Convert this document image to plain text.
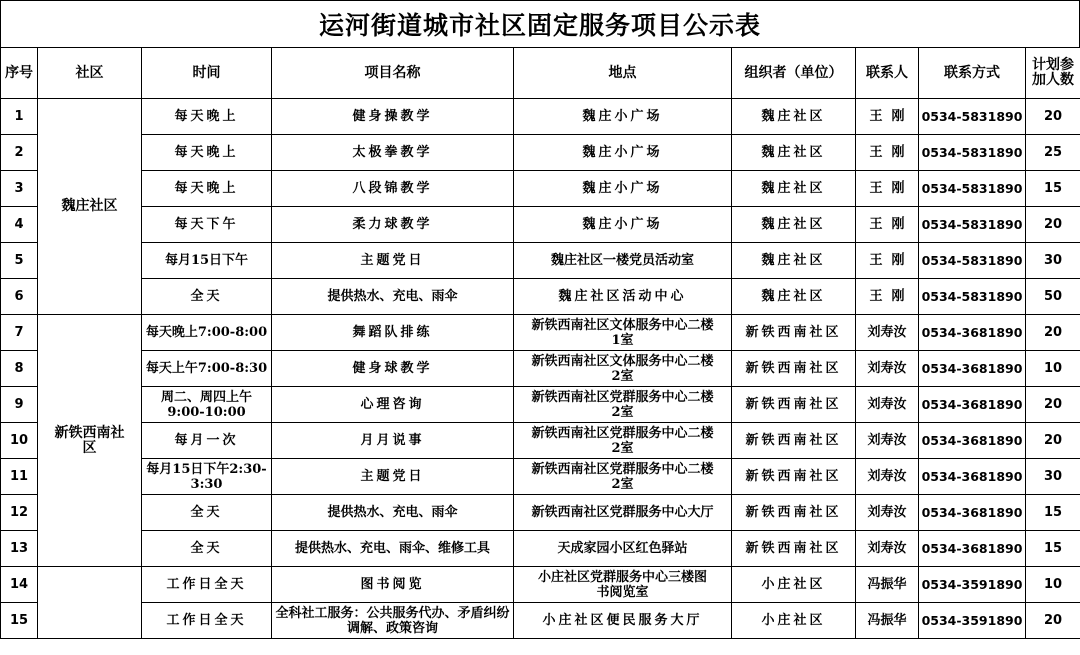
运河街道城市社区固定服务项目公示表
序号	社区	时间	项目名称	地点	组织者（单位）	联系人	联系方式	计划参加人数
1	魏庄社区	每天晚上	健身操教学	魏庄小广场	魏庄社区	王  刚	0534-5831890	20
2		每天晚上	太极拳教学	魏庄小广场	魏庄社区	王  刚	0534-5831890	25
3		每天晚上	八段锦教学	魏庄小广场	魏庄社区	王  刚	0534-5831890	15
4		每天下午	柔力球教学	魏庄小广场	魏庄社区	王  刚	0534-5831890	20
5		每月15日下午	主题党日	魏庄社区一楼党员活动室	魏庄社区	王  刚	0534-5831890	30
6		全天	提供热水、充电、雨伞	魏庄社区活动中心	魏庄社区	王  刚	0534-5831890	50
7	新铁西南社区	每天晚上7:00-8:00	舞蹈队排练	新铁西南社区文体服务中心二楼1室	新铁西南社区	刘寿汝	0534-3681890	20
8		每天上午7:00-8:30	健身球教学	新铁西南社区文体服务中心二楼2室	新铁西南社区	刘寿汝	0534-3681890	10
9		周二、周四上午9:00-10:00	心理咨询	新铁西南社区党群服务中心二楼2室	新铁西南社区	刘寿汝	0534-3681890	20
10		每月一次	月月说事	新铁西南社区党群服务中心二楼2室	新铁西南社区	刘寿汝	0534-3681890	20
11		每月15日下午2:30-3:30	主题党日	新铁西南社区党群服务中心二楼2室	新铁西南社区	刘寿汝	0534-3681890	30
12		全天	提供热水、充电、雨伞	新铁西南社区党群服务中心大厅	新铁西南社区	刘寿汝	0534-3681890	15
13		全天	提供热水、充电、雨伞、维修工具	天成家园小区红色驿站	新铁西南社区	刘寿汝	0534-3681890	15
14		工作日全天	图书阅览	小庄社区党群服务中心三楼图书阅览室	小庄社区	冯振华	0534-3591890	10
15		工作日全天	全科社工服务：公共服务代办、矛盾纠纷调解、政策咨询	小庄社区便民服务大厅	小庄社区	冯振华	0534-3591890	20
